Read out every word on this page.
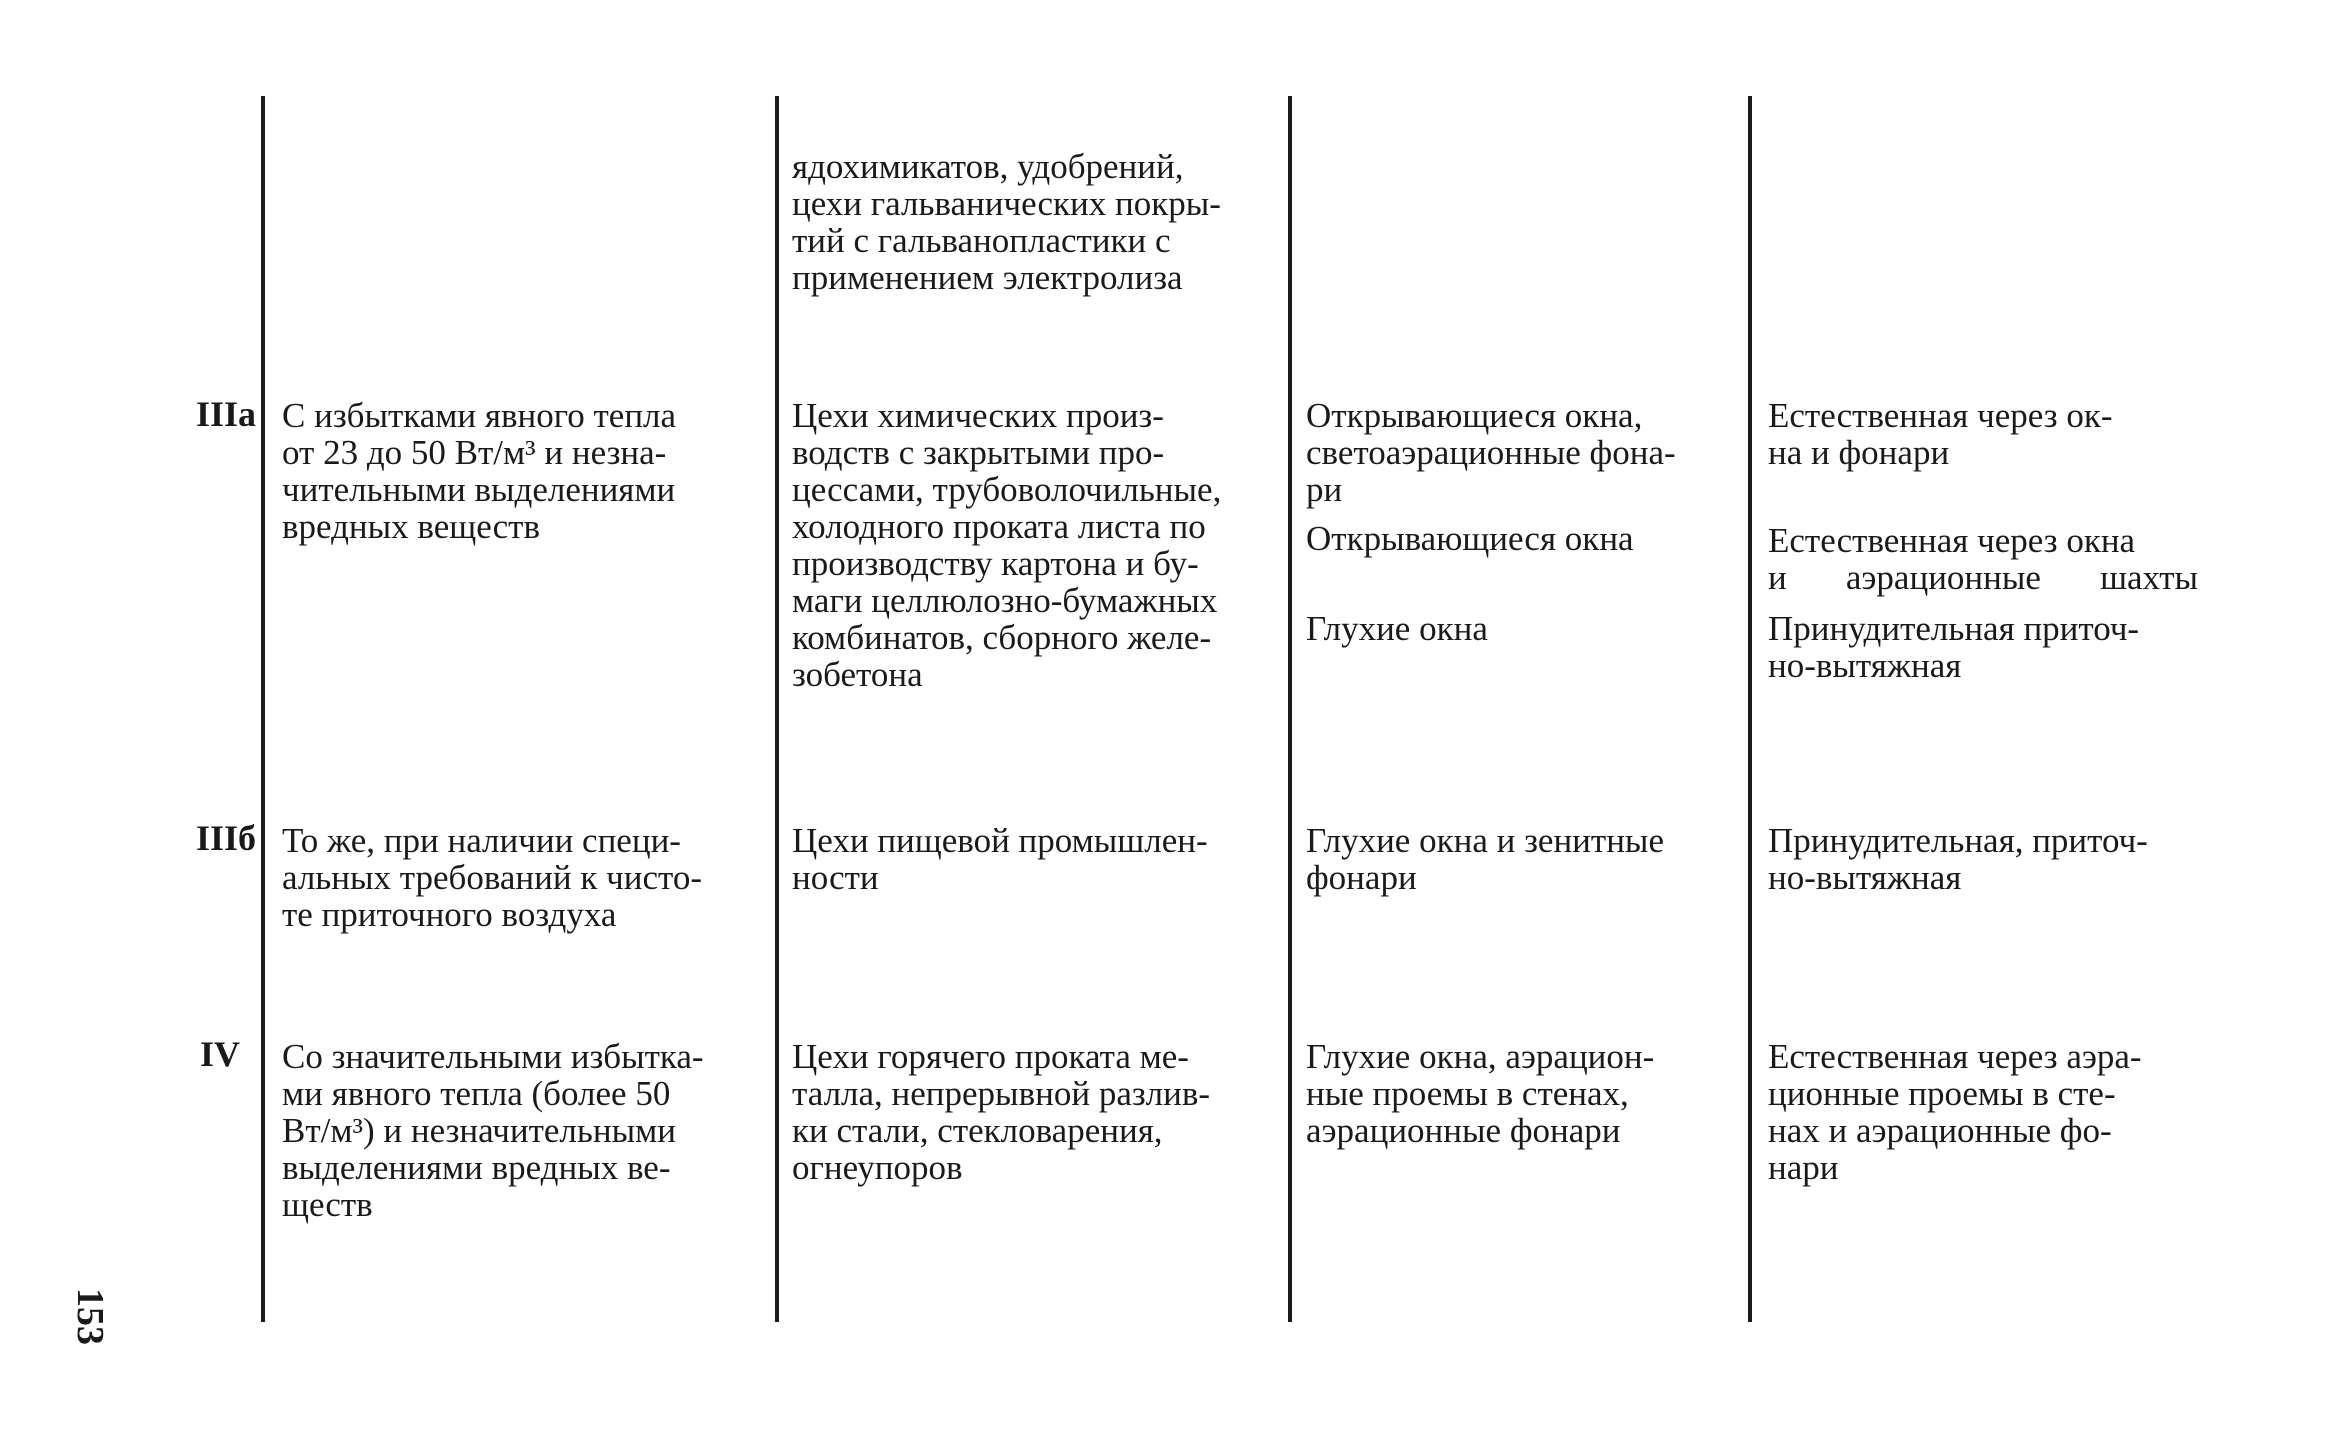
ядохимикатов, удобрений,
цехи гальванических покры-
тий с гальванопластики с
применением электролиза
IIIа С избытками явного тепла
от 23 до 50 Вт/м³ и незна-
чительными выделениями
вредных веществ
Цехи химических произ-
водств с закрытыми про-
цессами, трубоволочильные,
холодного проката листа по
производству картона и бу-
маги целлюлозно-бумажных
комбинатов, сборного желе-
зобетона
Открывающиеся окна,
светоаэрационные фона-
ри
Открывающиеся окна
Глухие окна
Естественная через ок-
на и фонари
Естественная через окна
и аэрационные шахты
Принудительная приточ-
но-вытяжная
IIIб То же, при наличии специ-
альных требований к чисто-
те приточного воздуха
Цехи пищевой промышлен-
ности
Глухие окна и зенитные
фонари
Принудительная, приточ-
но-вытяжная
IV Со значительными избытка-
ми явного тепла (более 50
Вт/м³) и незначительными
выделениями вредных ве-
ществ
Цехи горячего проката ме-
талла, непрерывной разлив-
ки стали, стекловарения,
огнеупоров
Глухие окна, аэрацион-
ные проемы в стенах,
аэрационные фонари
Естественная через аэра-
ционные проемы в сте-
нах и аэрационные фо-
нари
153
